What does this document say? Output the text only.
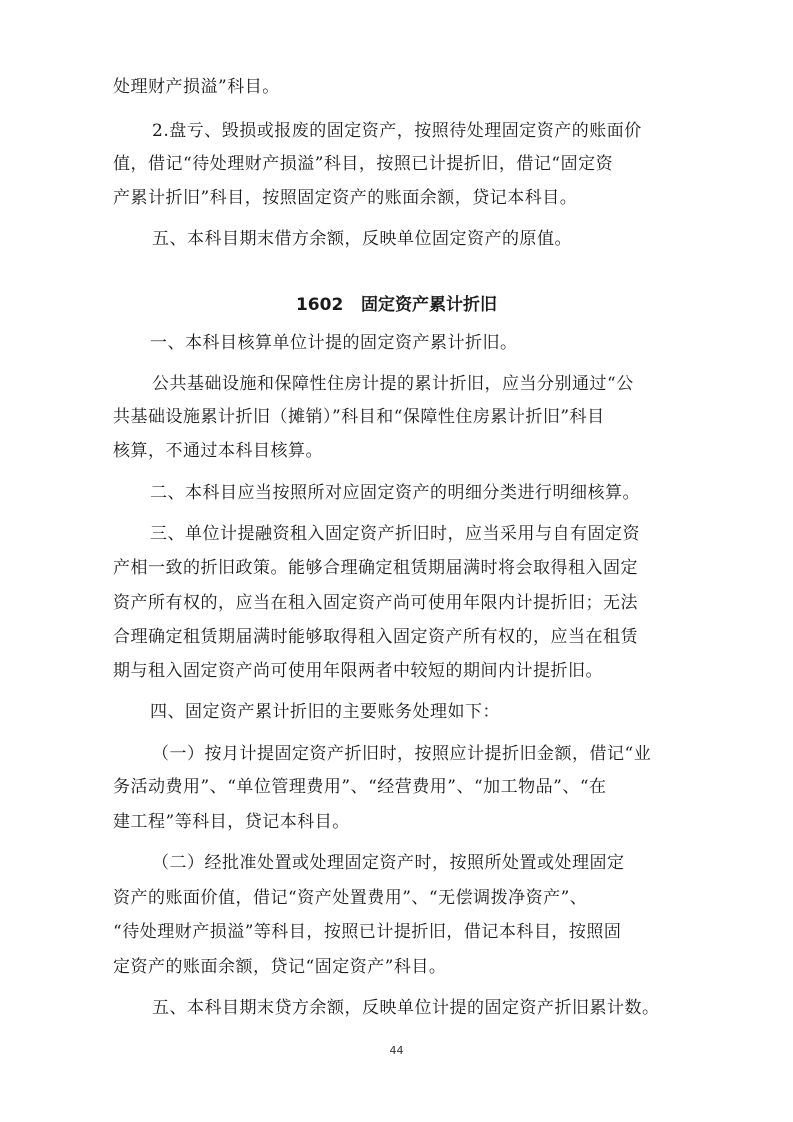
处理财产损溢”科目。
2.盘亏、毁损或报废的固定资产，按照待处理固定资产的账面价
值，借记“待处理财产损溢”科目，按照已计提折旧，借记“固定资
产累计折旧”科目，按照固定资产的账面余额，贷记本科目。
五、本科目期末借方余额，反映单位固定资产的原值。
1602   固定资产累计折旧
一、本科目核算单位计提的固定资产累计折旧。
公共基础设施和保障性住房计提的累计折旧，应当分别通过“公
共基础设施累计折旧（摊销）”科目和“保障性住房累计折旧”科目
核算，不通过本科目核算。
二、本科目应当按照所对应固定资产的明细分类进行明细核算。
三、单位计提融资租入固定资产折旧时，应当采用与自有固定资
产相一致的折旧政策。能够合理确定租赁期届满时将会取得租入固定
资产所有权的，应当在租入固定资产尚可使用年限内计提折旧；无法
合理确定租赁期届满时能够取得租入固定资产所有权的，应当在租赁
期与租入固定资产尚可使用年限两者中较短的期间内计提折旧。
四、固定资产累计折旧的主要账务处理如下：
（一）按月计提固定资产折旧时，按照应计提折旧金额，借记“业
务活动费用”、“单位管理费用”、“经营费用”、“加工物品”、“在
建工程”等科目，贷记本科目。
（二）经批准处置或处理固定资产时，按照所处置或处理固定
资产的账面价值，借记“资产处置费用”、“无偿调拨净资产”、
“待处理财产损溢”等科目，按照已计提折旧，借记本科目，按照固
定资产的账面余额，贷记“固定资产”科目。
五、本科目期末贷方余额，反映单位计提的固定资产折旧累计数。
44
